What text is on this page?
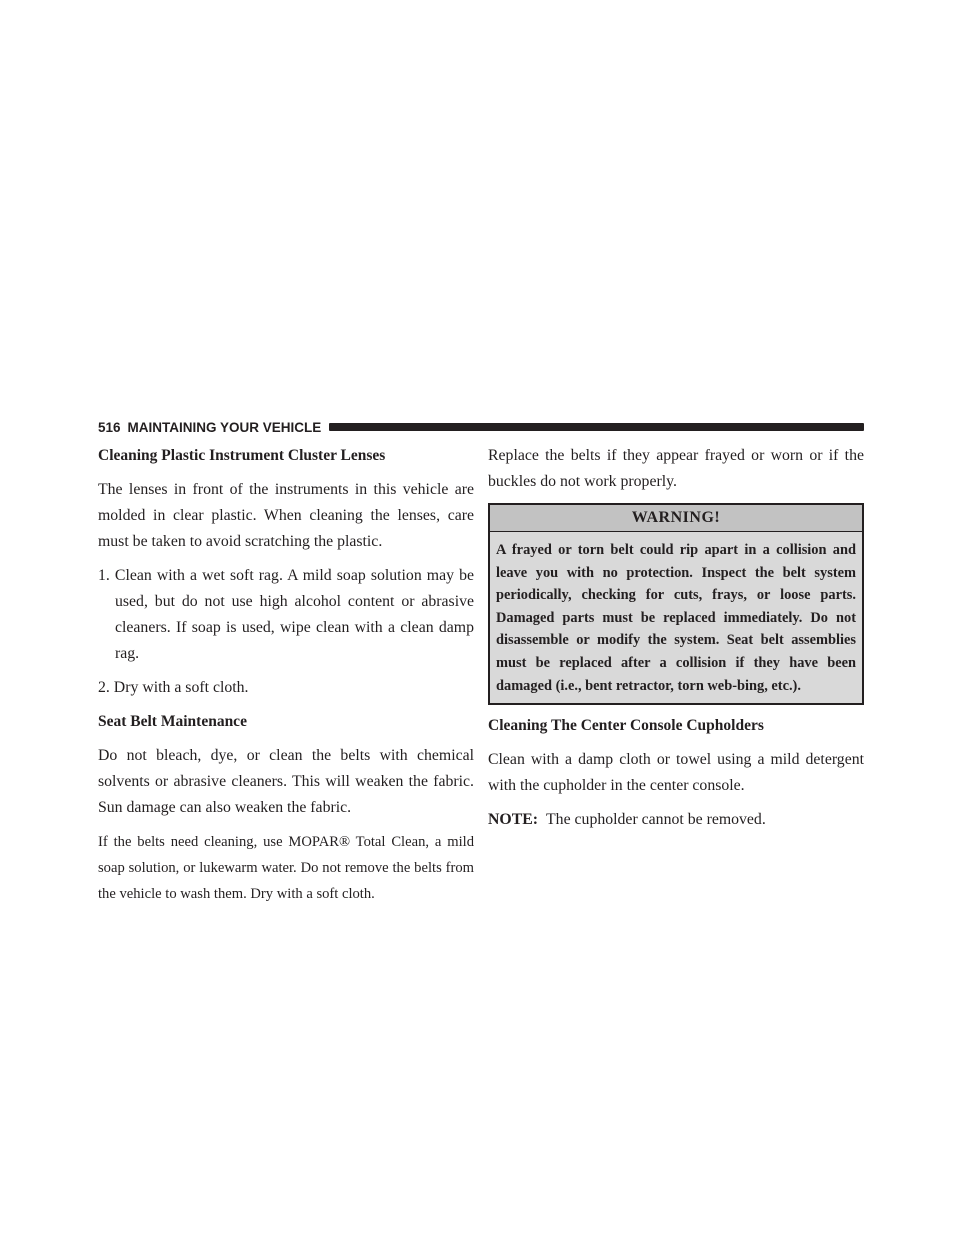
516 MAINTAINING YOUR VEHICLE

Cleaning Plastic Instrument Cluster Lenses

The lenses in front of the instruments in this vehicle are molded in clear plastic. When cleaning the lenses, care must be taken to avoid scratching the plastic.

1. Clean with a wet soft rag. A mild soap solution may be used, but do not use high alcohol content or abrasive cleaners. If soap is used, wipe clean with a clean damp rag.
2. Dry with a soft cloth.

Seat Belt Maintenance

Do not bleach, dye, or clean the belts with chemical solvents or abrasive cleaners. This will weaken the fabric. Sun damage can also weaken the fabric.

If the belts need cleaning, use MOPAR® Total Clean, a mild soap solution, or lukewarm water. Do not remove the belts from the vehicle to wash them. Dry with a soft cloth.

Replace the belts if they appear frayed or worn or if the buckles do not work properly.

WARNING!
A frayed or torn belt could rip apart in a collision and leave you with no protection. Inspect the belt system periodically, checking for cuts, frays, or loose parts. Damaged parts must be replaced immediately. Do not disassemble or modify the system. Seat belt assemblies must be replaced after a collision if they have been damaged (i.e., bent retractor, torn web-bing, etc.).

Cleaning The Center Console Cupholders

Clean with a damp cloth or towel using a mild detergent with the cupholder in the center console.

NOTE: The cupholder cannot be removed.
